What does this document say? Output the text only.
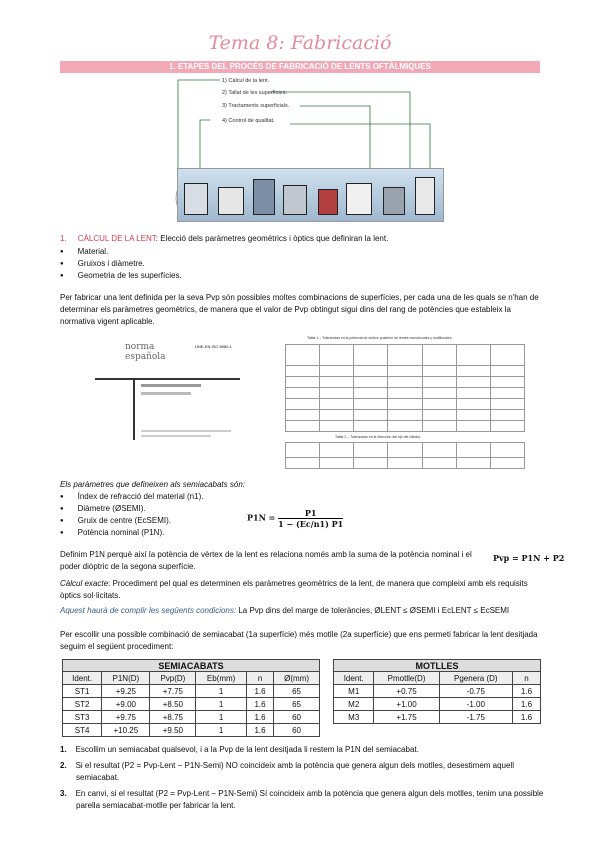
Tema 8: Fabricació
1. ETAPES DEL PROCÉS DE FABRICACIÓ DE LENTS OFTÀLMIQUES
1) Càlcul de la lent.
2) Tallat de les superfícies.
3) Tractaments superficials.
4) Control de qualitat.
1. CÀLCUL DE LA LENT: Elecció dels paràmetres geomètrics i òptics que definiran la lent.
● Material.
● Gruixos i diàmetre.
● Geometria de les superfícies.
Per fabricar una lent definida per la seva Pvp són possibles moltes combinacions de superfícies, per cada una de les quals se n'han de determinar els paràmetres geomètrics, de manera que el valor de Pvp obtingut sigui dins del rang de potències que estableix la normativa vigent aplicable.
norma
española
UNE-EN ISO 8980-1
Tabla 1 – Tolerancias en la potencia de vértice posterior de lentes monofocales y multifocales

Tabla 2 – Tolerancias en la dirección del eje del cilindro

Els paràmetres que defineixen als semiacabats són:
● Índex de refracció del material (n1).
● Diàmetre (ØSEMI).
● Gruix de centre (EcSEMI).
● Potència nominal (P1N).
$P1N = \frac{P1}{1 - (Ec/n1) P1}$
Definim P1N perquè així la potència de vèrtex de la lent es relaciona només amb la suma de la potència nominal i el poder diòptric de la segona superfície.
Pvp = P1N + P2
Càlcul exacte: Procediment pel qual es determinen els paràmetres geomètrics de la lent, de manera que compleixi amb els requisits òptics sol·licitats.
Aquest haurà de complir les següents condicions: La Pvp dins del marge de toleràncies, ØLENT ≤ ØSEMI i EcLENT ≤ EcSEMI
Per escollir una possible combinació de semiacabat (1a superfície) més motlle (2a superfície) que ens permeti fabricar la lent desitjada seguim el següent procediment:
SEMIACABATS					
Ident.	P1N(D)	Pvp(D)	Eb(mm)	n	Ø(mm)
ST1	+9.25	+7.75	1	1.6	65
ST2	+9.00	+8.50	1	1.6	65
ST3	+9.75	+8.75	1	1.6	60
ST4	+10.25	+9.50	1	1.6	60
MOTLLES			
Ident.	Pmotlle(D)	Pgenera (D)	n
M1	+0.75	-0.75	1.6
M2	+1.00	-1.00	1.6
M3	+1.75	-1.75	1.6
1. Escollim un semiacabat qualsevol, i a la Pvp de la lent desitjada li restem la P1N del semiacabat.
2. Si el resultat (P2 = Pvp-Lent − P1N-Semi) NO coincideix amb la potència que genera algun dels motlles, desestimem aquell semiacabat.
3. En canvi, si el resultat (P2 = Pvp-Lent − P1N-Semi) Sí coincideix amb la potència que genera algun dels motlles, tenim una possible parella semiacabat-motlle per fabricar la lent.
